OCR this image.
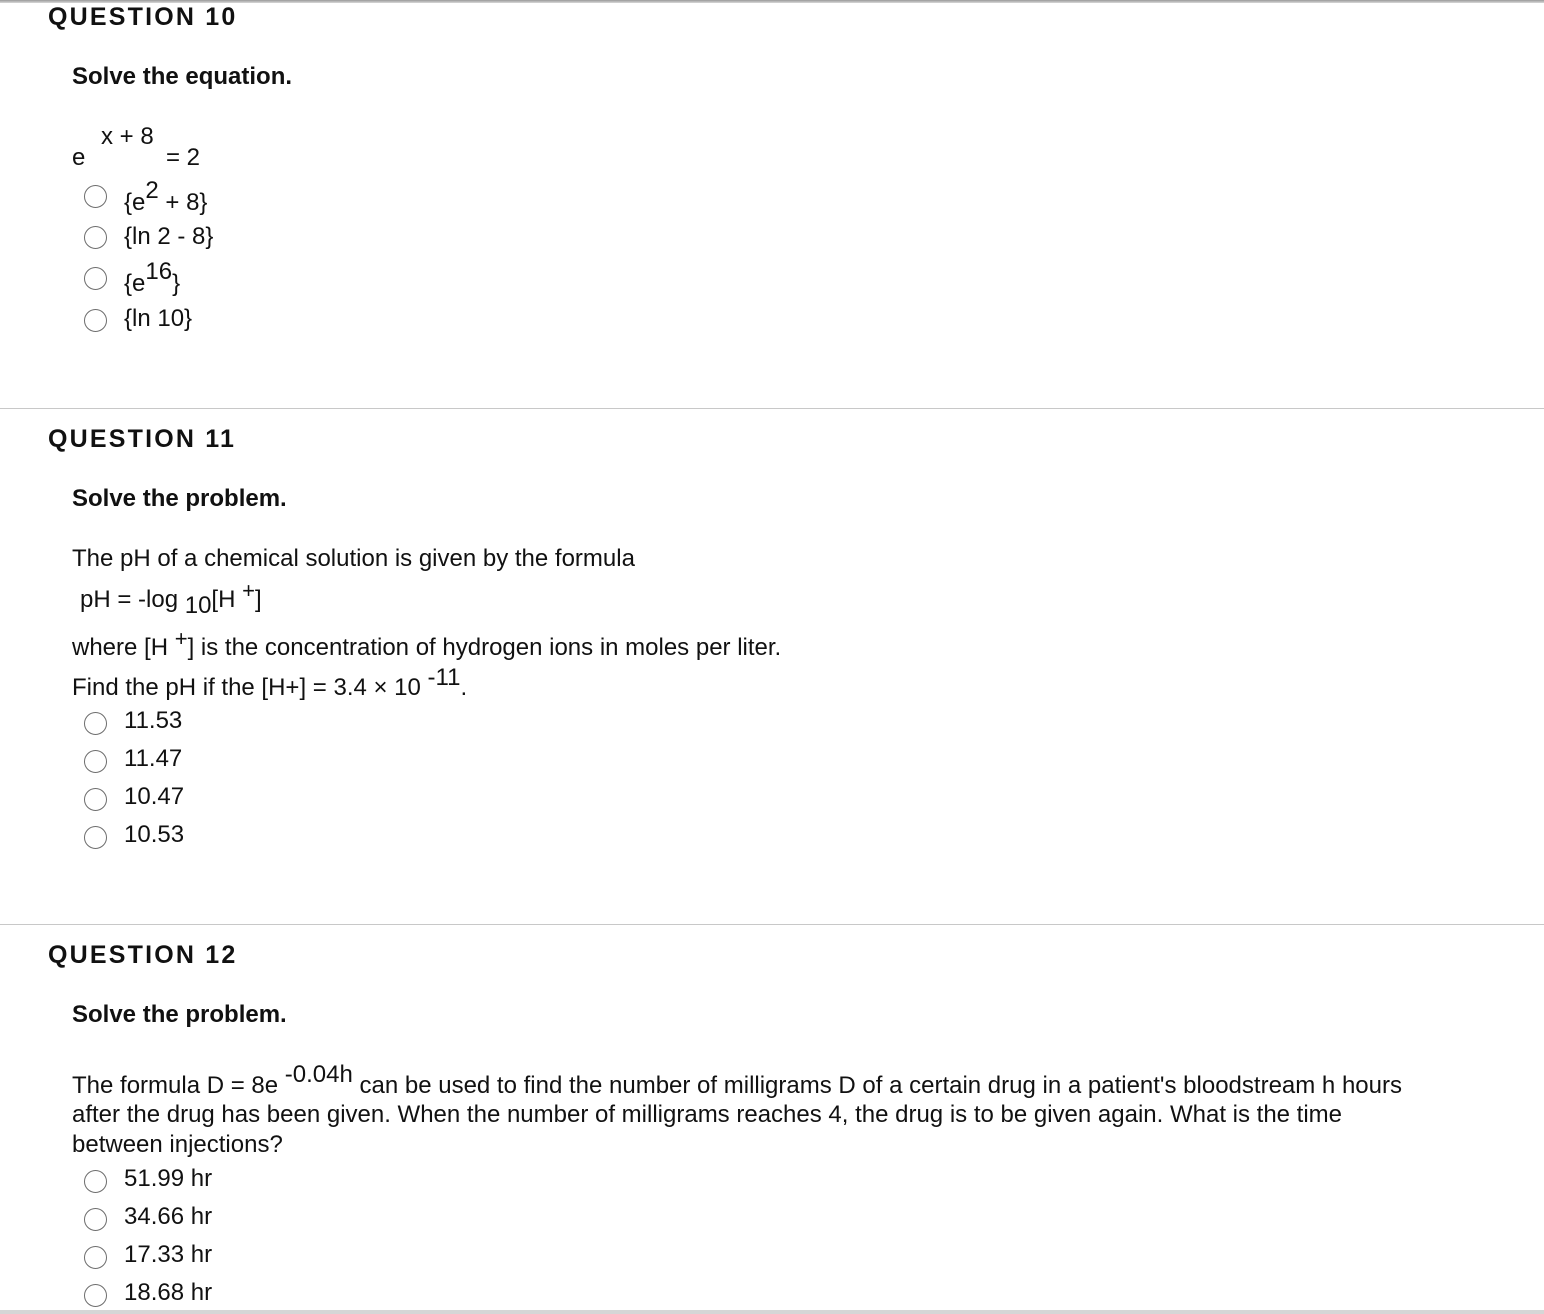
QUESTION 10
Solve the equation.
x + 8
e	= 2
{e2 + 8}
{ln 2 - 8}
{e16}
{ln 10}
QUESTION 11
Solve the problem.
The pH of a chemical solution is given by the formula
pH = -log 10[H +]
where [H +] is the concentration of hydrogen ions in moles per liter.
Find the pH if the [H+] = 3.4 × 10 -11.
11.53
11.47
10.47
10.53
QUESTION 12
Solve the problem.
The formula D = 8e -0.04h can be used to find the number of milligrams D of a certain drug in a patient's bloodstream h hours
after the drug has been given. When the number of milligrams reaches 4, the drug is to be given again. What is the time
between injections?
51.99 hr
34.66 hr
17.33 hr
18.68 hr
